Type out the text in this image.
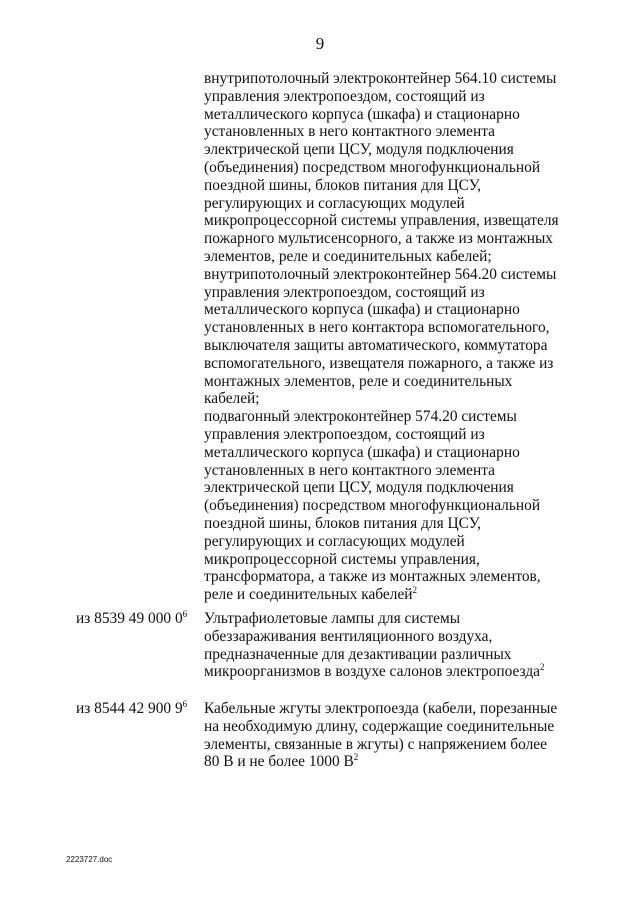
9
внутрипотолочный электроконтейнер 564.10 системы
управления электропоездом, состоящий из
металлического корпуса (шкафа) и стационарно
установленных в него контактного элемента
электрической цепи ЦСУ, модуля подключения
(объединения) посредством многофункциональной
поездной шины, блоков питания для ЦСУ,
регулирующих и согласующих модулей
микропроцессорной системы управления, извещателя
пожарного мультисенсорного, а также из монтажных
элементов, реле и соединительных кабелей;
внутрипотолочный электроконтейнер 564.20 системы
управления электропоездом, состоящий из
металлического корпуса (шкафа) и стационарно
установленных в него контактора вспомогательного,
выключателя защиты автоматического, коммутатора
вспомогательного, извещателя пожарного, а также из
монтажных элементов, реле и соединительных
кабелей;
подвагонный электроконтейнер 574.20 системы
управления электропоездом, состоящий из
металлического корпуса (шкафа) и стационарно
установленных в него контактного элемента
электрической цепи ЦСУ, модуля подключения
(объединения) посредством многофункциональной
поездной шины, блоков питания для ЦСУ,
регулирующих и согласующих модулей
микропроцессорной системы управления,
трансформатора, а также из монтажных элементов,
реле и соединительных кабелей$^2$
из 8539 49 000 $0^6$ Ультрафиолетовые лампы для системы
обеззараживания вентиляционного воздуха,
предназначенные для дезактивации различных
микроорганизмов в воздухе салонов электропоезда$^2$
из 8544 42 900 $9^6$ Кабельные жгуты электропоезда (кабели, порезанные
на необходимую длину, содержащие соединительные
элементы, связанные в жгуты) с напряжением более
80 В и не более 1000 $В^2$
2223727.doc
